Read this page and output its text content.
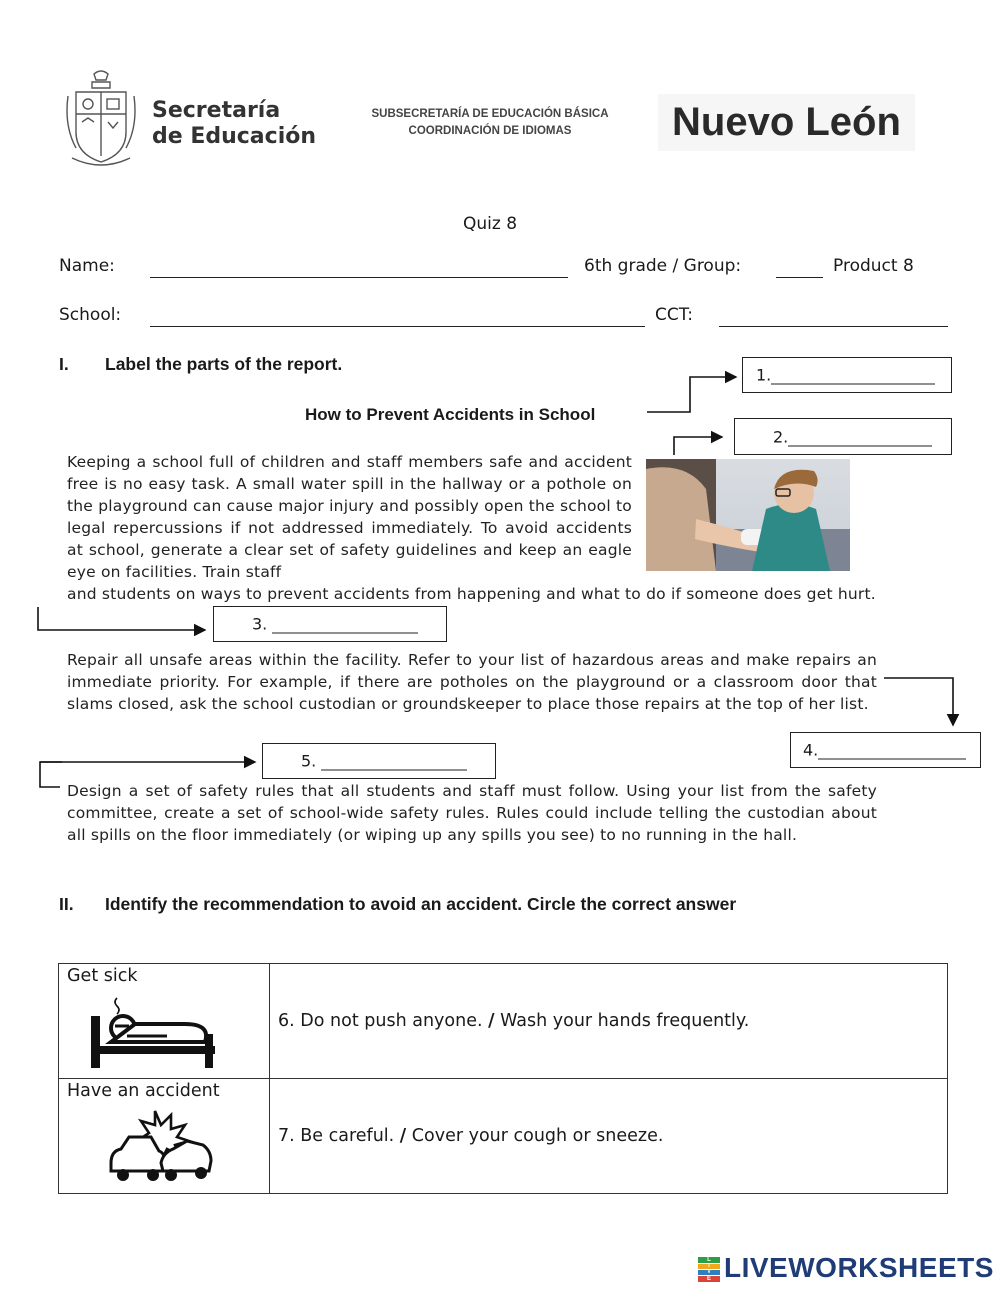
Secretaría
de Educación
SUBSECRETARÍA DE EDUCACIÓN BÁSICA
COORDINACIÓN DE IDIOMAS	Nuevo León
Quiz 8
Name:	6th grade / Group:	Product 8
School:	CCT:
I. Label the parts of the report.
How to Prevent Accidents in School
1.
2.
3.
4.
5.
Keeping a school full of children and staff members safe and accident free is no easy task. A small water spill in the hallway or a pothole on the playground can cause major injury and possibly open the school to legal repercussions if not addressed immediately. To avoid accidents at school, generate a clear set of safety guidelines and keep an eagle eye on facilities. Train staff
and students on ways to prevent accidents from happening and what to do if someone does get hurt.
Repair all unsafe areas within the facility. Refer to your list of hazardous areas and make repairs an immediate priority. For example, if there are potholes on the playground or a classroom door that slams closed, ask the school custodian or groundskeeper to place those repairs at the top of her list.
Design a set of safety rules that all students and staff must follow. Using your list from the safety committee, create a set of school-wide safety rules. Rules could include telling the custodian about all spills on the floor immediately (or wiping up any spills you see) to no running in the hall.
II. Identify the recommendation to avoid an accident. Circle the correct answer
Get sick	6. Do not push anyone. / Wash your hands frequently.

Have an accident	7. Be careful. / Cover your cough or sneeze.
L
I
V
E LIVEWORKSHEETS
